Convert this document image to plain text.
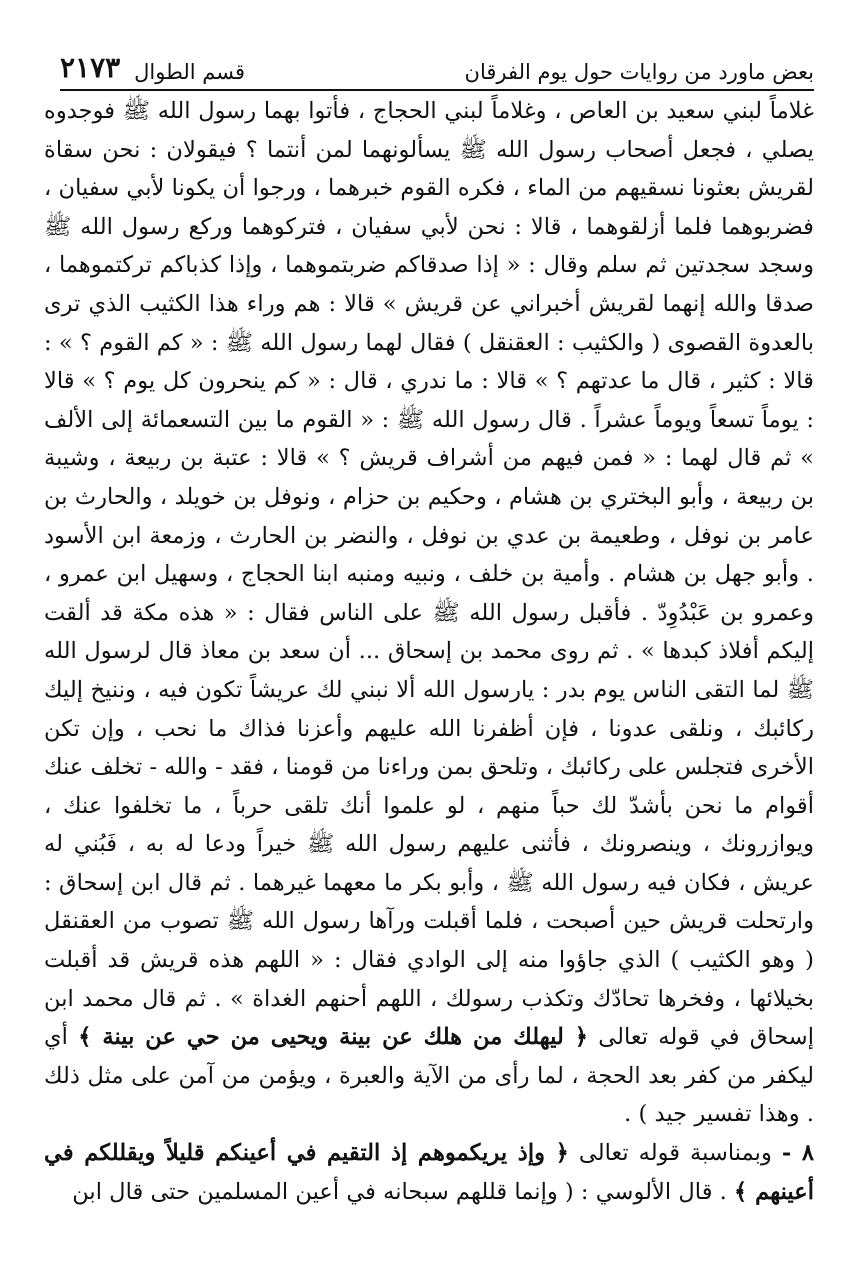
بعض ماورد من روايات حول يوم الفرقان
قسم الطوال
٢١٧٣

غلاماً لبني سعيد بن العاص ، وغلاماً لبني الحجاج ، فأتوا بهما رسول الله ﷺ فوجدوه يصلي ، فجعل أصحاب رسول الله ﷺ يسألونهما لمن أنتما ؟ فيقولان : نحن سقاة لقريش بعثونا نسقيهم من الماء ، فكره القوم خبرهما ، ورجوا أن يكونا لأبي سفيان ، فضربوهما فلما أزلقوهما ، قالا : نحن لأبي سفيان ، فتركوهما وركع رسول الله ﷺ وسجد سجدتين ثم سلم وقال : « إذا صدقاكم ضربتموهما ، وإذا كذباكم تركتموهما ، صدقا والله إنهما لقريش أخبراني عن قريش » قالا : هم وراء هذا الكثيب الذي ترى بالعدوة القصوى ( والكثيب : العقنقل ) فقال لهما رسول الله ﷺ : « كم القوم ؟ » : قالا : كثير ، قال ما عدتهم ؟ » قالا : ما ندري ، قال : « كم ينحرون كل يوم ؟ » قالا : يوماً تسعاً ويوماً عشراً . قال رسول الله ﷺ : « القوم ما بين التسعمائة إلى الألف » ثم قال لهما : « فمن فيهم من أشراف قريش ؟ » قالا : عتبة بن ربيعة ، وشيبة بن ربيعة ، وأبو البختري بن هشام ، وحكيم بن حزام ، ونوفل بن خويلد ، والحارث بن عامر بن نوفل ، وطعيمة بن عدي بن نوفل ، والنضر بن الحارث ، وزمعة ابن الأسود . وأبو جهل بن هشام . وأمية بن خلف ، ونبيه ومنبه ابنا الحجاج ، وسهيل ابن عمرو ، وعمرو بن عَبْدُوِدّ . فأقبل رسول الله ﷺ على الناس فقال : « هذه مكة قد ألقت إليكم أفلاذ كبدها » . ثم روى محمد بن إسحاق ... أن سعد بن معاذ قال لرسول الله ﷺ لما التقى الناس يوم بدر : يارسول الله ألا نبني لك عريشاً تكون فيه ، وننيخ إليك ركائبك ، ونلقى عدونا ، فإن أظفرنا الله عليهم وأعزنا فذاك ما نحب ، وإن تكن الأخرى فتجلس على ركائبك ، وتلحق بمن وراءنا من قومنا ، فقد - والله - تخلف عنك أقوام ما نحن بأشدّ لك حباً منهم ، لو علموا أنك تلقى حرباً ، ما تخلفوا عنك ، ويوازرونك ، وينصرونك ، فأثنى عليهم رسول الله ﷺ خيراً ودعا له به ، فَبُني له عريش ، فكان فيه رسول الله ﷺ ، وأبو بكر ما معهما غيرهما . ثم قال ابن إسحاق : وارتحلت قريش حين أصبحت ، فلما أقبلت ورآها رسول الله ﷺ تصوب من العقنقل ( وهو الكثيب ) الذي جاؤوا منه إلى الوادي فقال : « اللهم هذه قريش قد أقبلت بخيلائها ، وفخرها تحادّك وتكذب رسولك ، اللهم أحنهم الغداة » . ثم قال محمد ابن إسحاق في قوله تعالى ﴿ ليهلك من هلك عن بينة ويحيى من حي عن بينة ﴾ أي ليكفر من كفر بعد الحجة ، لما رأى من الآية والعبرة ، ويؤمن من آمن على مثل ذلك . وهذا تفسير جيد ) .

٨ - وبمناسبة قوله تعالى ﴿ وإذ يريكموهم إذ التقيم في أعينكم قليلاً ويقللكم في أعينهم ﴾ . قال الألوسي : ( وإنما قللهم سبحانه في أعين المسلمين حتى قال ابن
